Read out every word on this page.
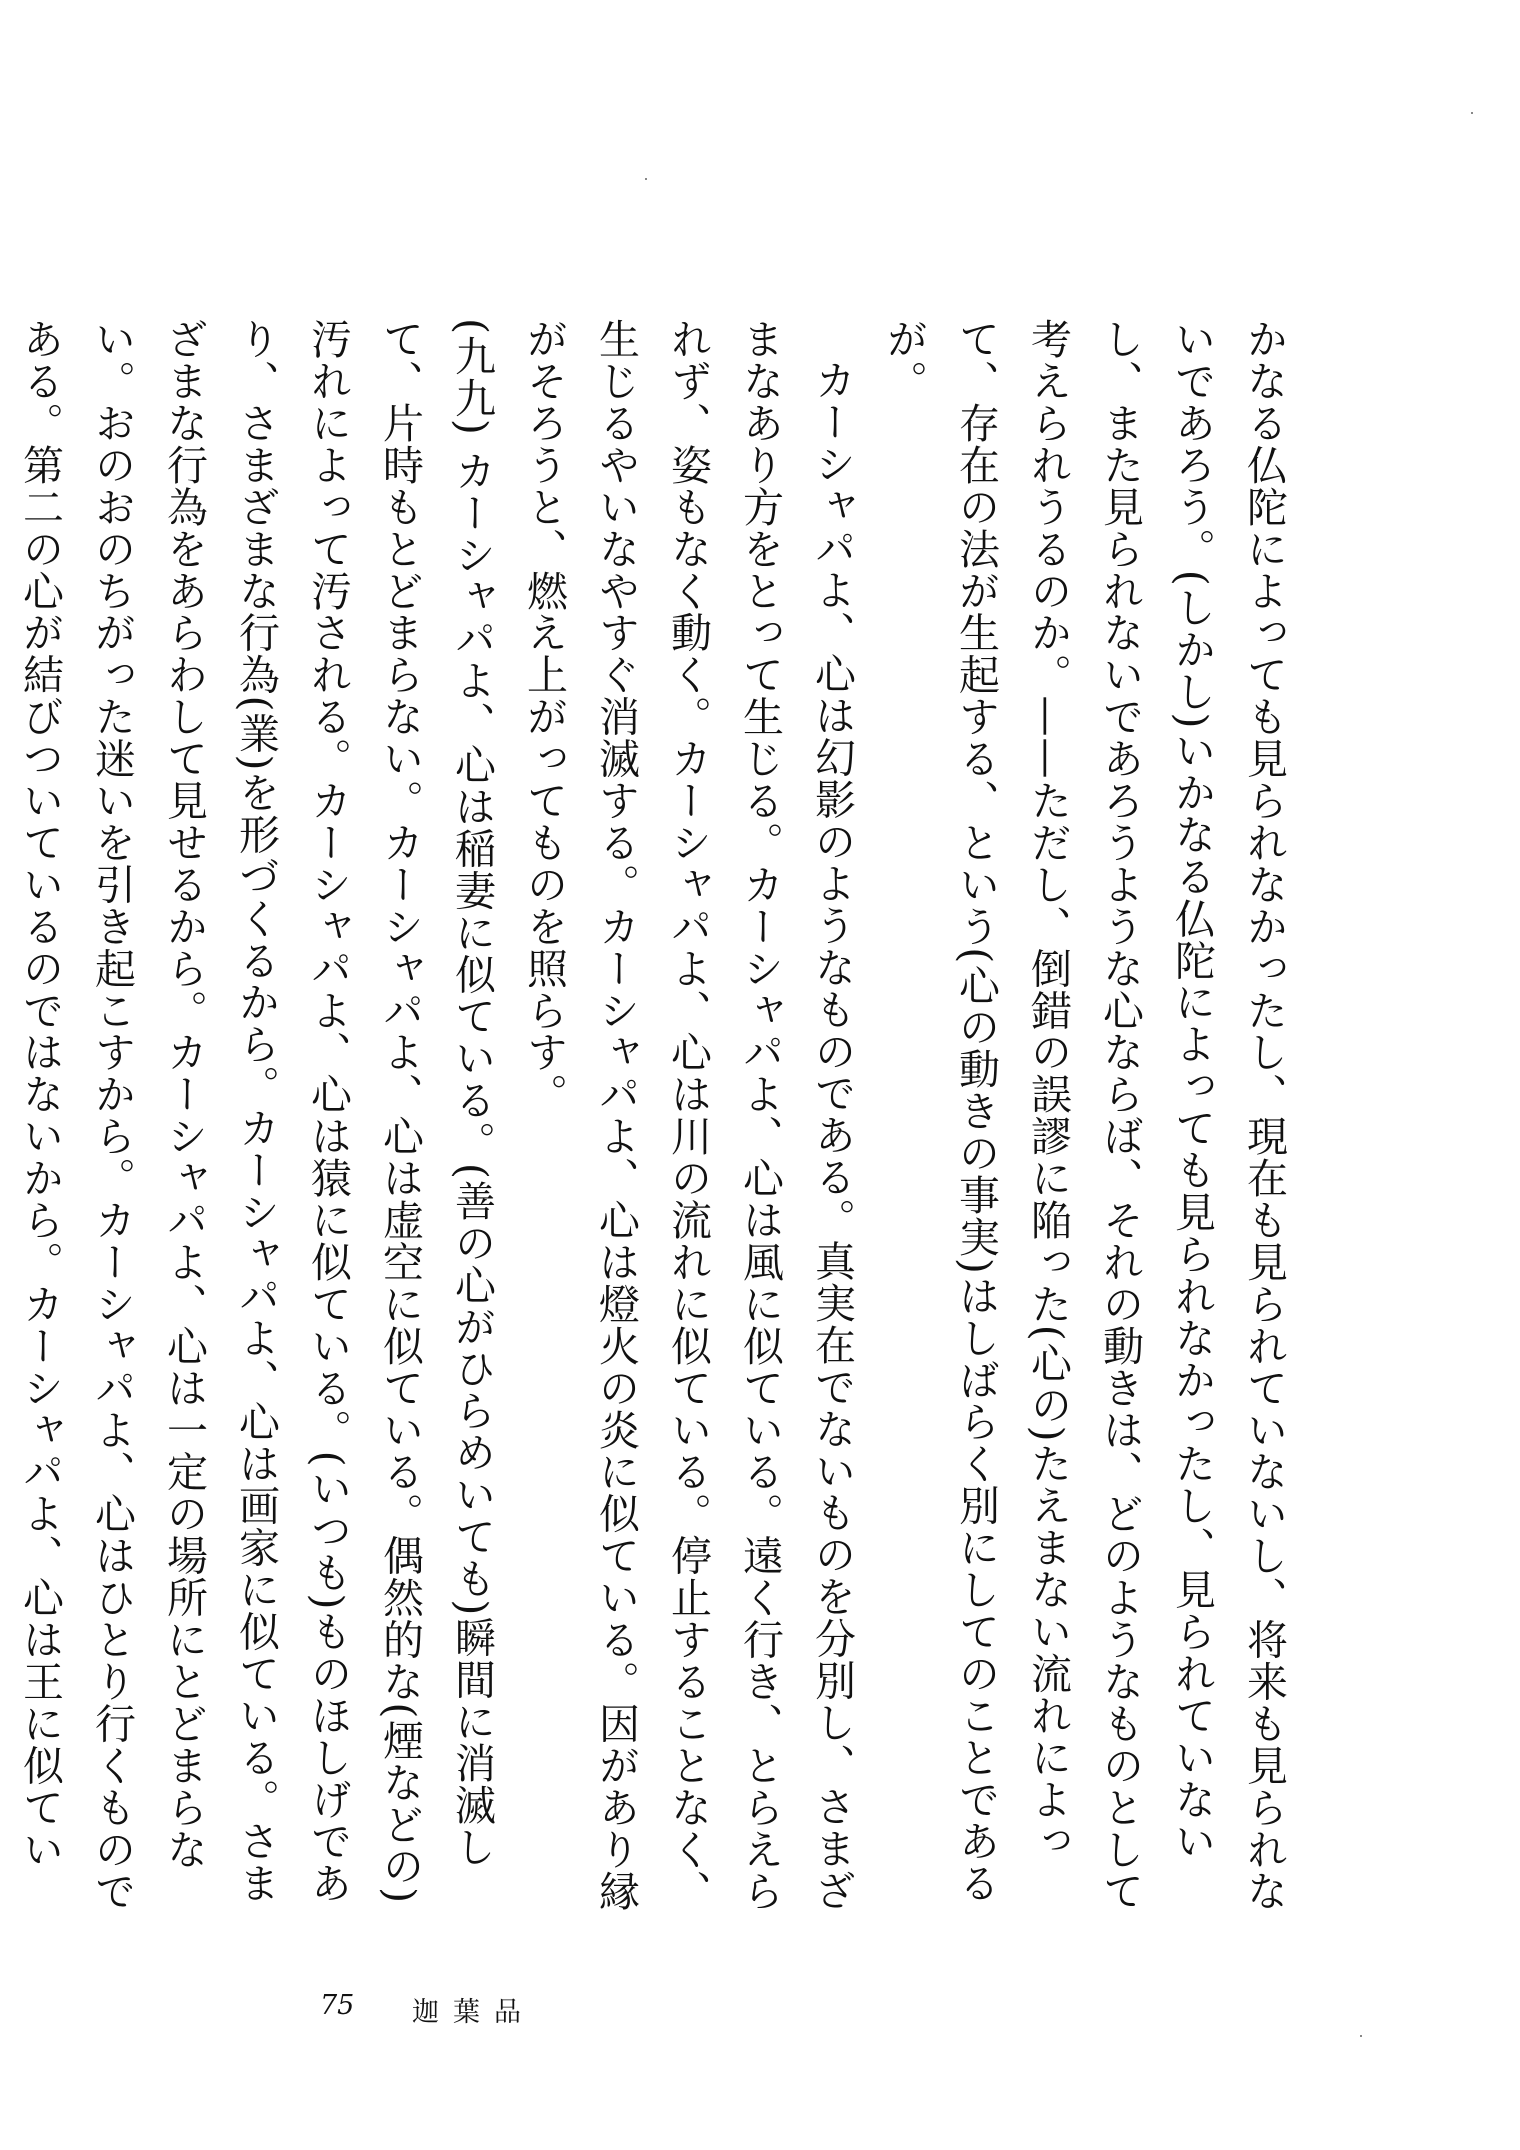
かなる仏陀によっても見られなかったし、現在も見られていないし、将来も見られないであろう。(しかし)いかなる仏陀によっても見られなかったし、見られていないし、また見られないであろうような心ならば、それの動きは、どのようなものとして考えられうるのか。——ただし、倒錯の誤謬に陥った(心の)たえまない流れによって、存在の法が生起する、という(心の動きの事実)はしばらく別にしてのことであるが。

カーシャパよ、心は幻影のようなものである。真実在でないものを分別し、さまざまなあり方をとって生じる。カーシャパよ、心は風に似ている。遠く行き、とらえられず、姿もなく動く。カーシャパよ、心は川の流れに似ている。停止することなく、生じるやいなやすぐ消滅する。カーシャパよ、心は燈火の炎に似ている。因があり縁がそろうと、燃え上がってものを照らす。

(九九) カーシャパよ、心は稲妻に似ている。(善の心がひらめいても)瞬間に消滅して、片時もとどまらない。カーシャパよ、心は虚空に似ている。偶然的な(煙などの)汚れによって汚される。カーシャパよ、心は猿に似ている。(いつも)ものほしげであり、さまざまな行為(業)を形づくるから。カーシャパよ、心は画家に似ている。さまざまな行為をあらわして見せるから。カーシャパよ、心は一定の場所にとどまらない。おのおのちがった迷いを引き起こすから。カーシャパよ、心はひとり行くものである。第二の心が結びついているのではないから。カーシャパよ、心は王に似てい

75 迦葉品
